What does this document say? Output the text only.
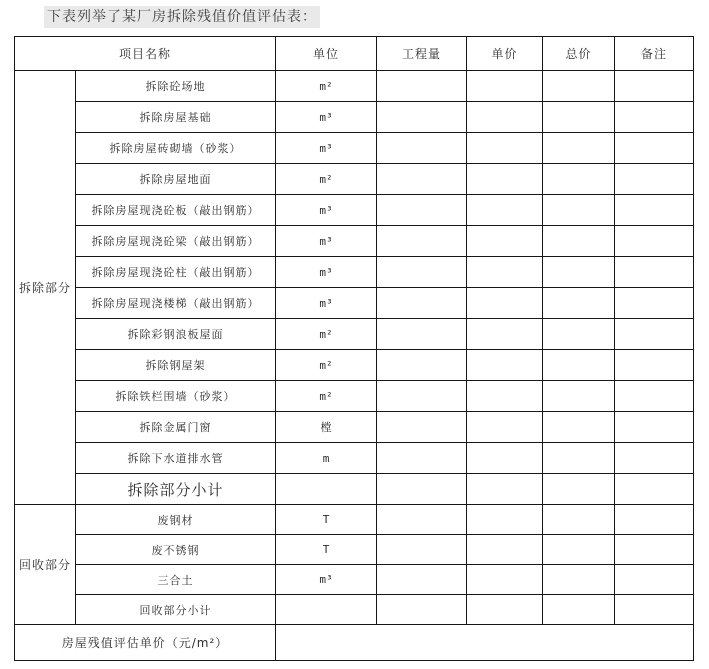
下表列举了某厂房拆除残值价值评估表：
项目名称		单位	工程量	单价	总价	备注
拆除部分	拆除砼场地	m²				
	拆除房屋基础	m³				
	拆除房屋砖砌墙（砂浆）	m³				
	拆除房屋地面	m²				
	拆除房屋现浇砼板（敲出钢筋）	m³				
	拆除房屋现浇砼梁（敲出钢筋）	m³				
	拆除房屋现浇砼柱（敲出钢筋）	m³				
	拆除房屋现浇楼梯（敲出钢筋）	m³				
	拆除彩钢浪板屋面	m²				
	拆除钢屋架	m²				
	拆除铁栏围墙（砂浆）	m²				
	拆除金属门窗	樘				
	拆除下水道排水管	m				
	拆除部分小计					
回收部分	废钢材	T				
	废不锈钢	T				
	三合土	m³				
	回收部分小计					
房屋残值评估单价（元/m²）						
